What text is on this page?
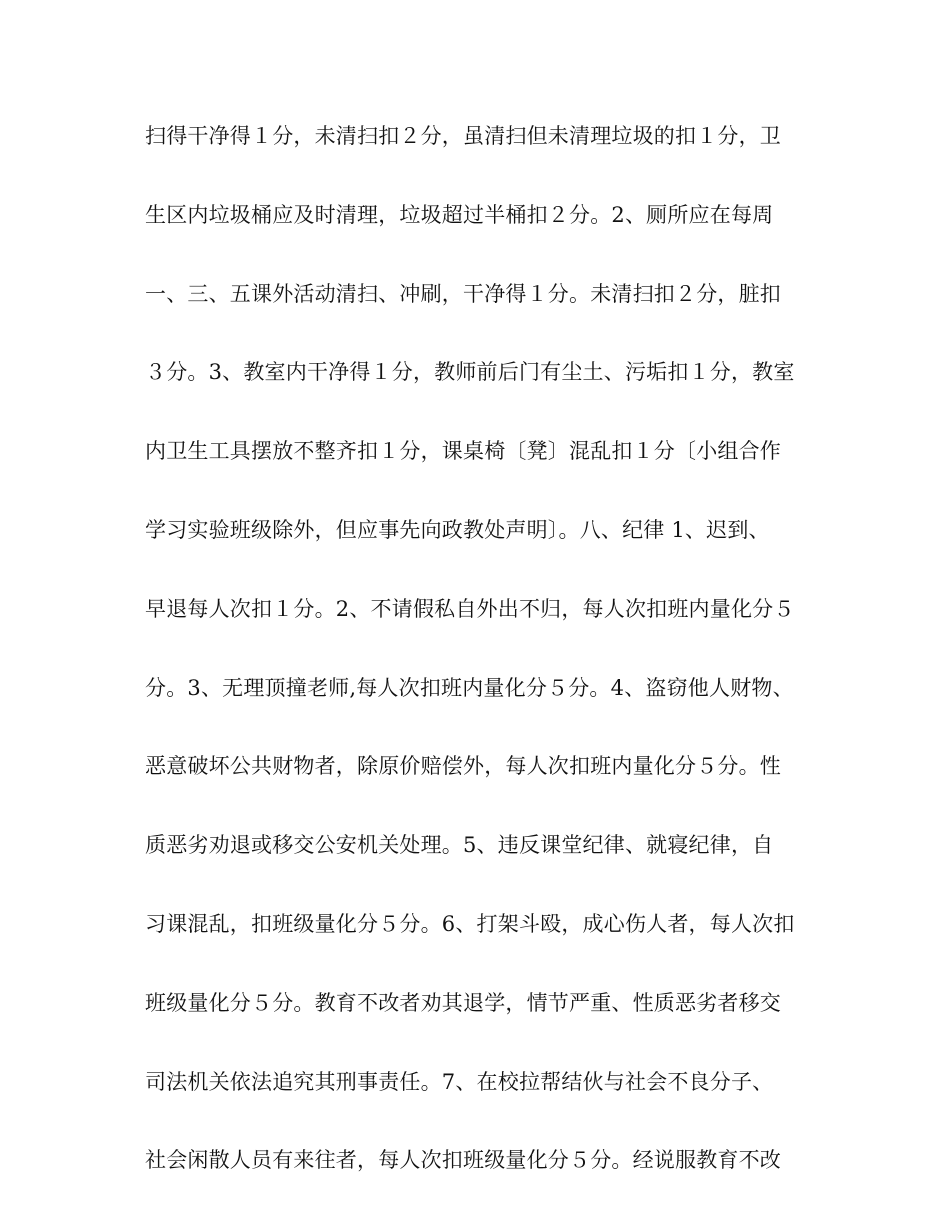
扫得干净得１分，未清扫扣２分，虽清扫但未清理垃圾的扣１分，卫
生区内垃圾桶应及时清理，垃圾超过半桶扣２分。2、厕所应在每周
一、三、五课外活动清扫、冲刷，干净得１分。未清扫扣２分，脏扣
３分。3、教室内干净得１分，教师前后门有尘土、污垢扣１分，教室
内卫生工具摆放不整齐扣１分，课桌椅〔凳〕混乱扣１分〔小组合作
学习实验班级除外，但应事先向政教处声明〕。八、纪律 1、迟到、
早退每人次扣１分。2、不请假私自外出不归，每人次扣班内量化分５
分。3、无理顶撞老师,每人次扣班内量化分５分。4、盗窃他人财物、
恶意破坏公共财物者，除原价赔偿外，每人次扣班内量化分５分。性
质恶劣劝退或移交公安机关处理。5、违反课堂纪律、就寝纪律，自
习课混乱，扣班级量化分５分。6、打架斗殴，成心伤人者，每人次扣
班级量化分５分。教育不改者劝其退学，情节严重、性质恶劣者移交
司法机关依法追究其刑事责任。7、在校拉帮结伙与社会不良分子、
社会闲散人员有来往者，每人次扣班级量化分５分。经说服教育不改
